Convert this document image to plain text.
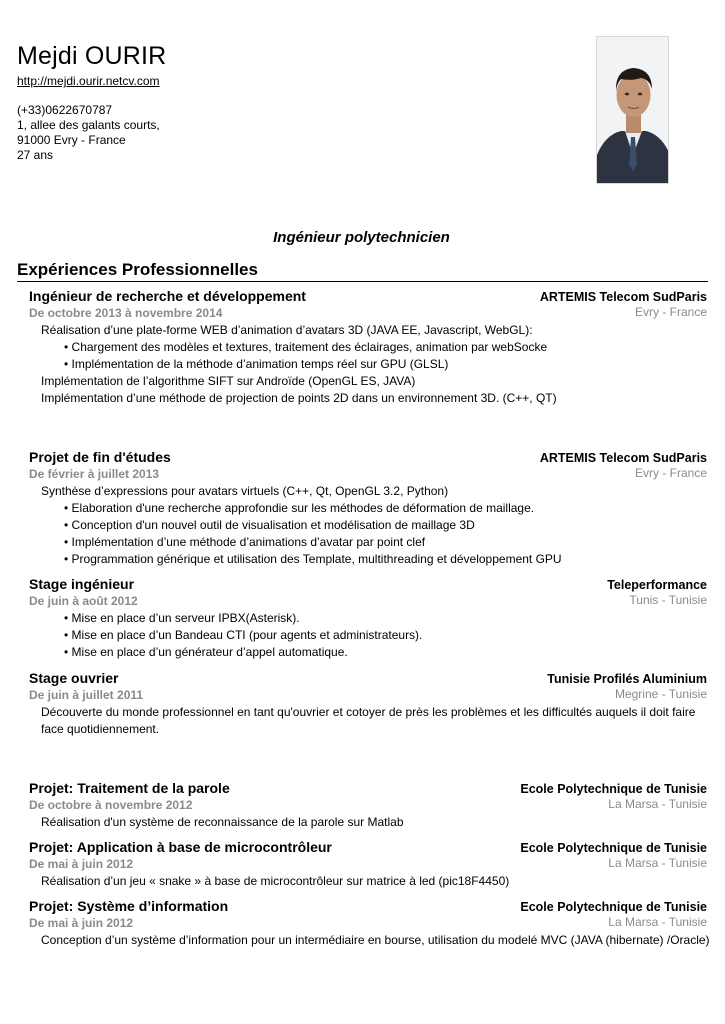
Mejdi OURIR
http://mejdi.ourir.netcv.com
(+33)0622670787
1, allee des galants courts,
91000 Evry - France
27 ans
Ingénieur polytechnicien
Expériences Professionnelles
Ingénieur de recherche et développement	ARTEMIS Telecom SudParis
Evry - France
De octobre 2013 à novembre 2014
Réalisation d’une plate-forme WEB d’animation d’avatars 3D (JAVA EE, Javascript, WebGL):
• Chargement des modèles et textures, traitement des éclairages, animation par webSocke
• Implémentation de la méthode d’animation temps réel sur GPU (GLSL)
Implémentation de l’algorithme SIFT sur Androïde (OpenGL ES, JAVA)
Implémentation d’une méthode de projection de points 2D dans un environnement 3D. (C++, QT)
Projet de fin d'études	ARTEMIS Telecom SudParis
Evry - France
De février à juillet 2013
Synthèse d’expressions pour avatars virtuels (C++, Qt, OpenGL 3.2, Python)
• Elaboration d'une recherche approfondie sur les méthodes de déformation de maillage.
• Conception d'un nouvel outil de visualisation et modélisation de maillage 3D
• Implémentation d’une méthode d’animations d’avatar par point clef
• Programmation générique et utilisation des Template, multithreading et développement GPU
Stage ingénieur	Teleperformance
Tunis - Tunisie
De juin à août 2012
• Mise en place d’un serveur IPBX(Asterisk).
• Mise en place d’un Bandeau CTI (pour agents et administrateurs).
• Mise en place d’un générateur d’appel automatique.
Stage ouvrier	Tunisie Profilés Aluminium
Megrine - Tunisie
De juin à juillet 2011
Découverte du monde professionnel en tant qu'ouvrier et cotoyer de près les problèmes et les difficultés auquels il doit faire face quotidiennement.
Projet: Traitement de la parole	Ecole Polytechnique de Tunisie
La Marsa - Tunisie
De octobre à novembre 2012
Réalisation d'un système de reconnaissance de la parole sur Matlab
Projet: Application à base de microcontrôleur	Ecole Polytechnique de Tunisie
La Marsa - Tunisie
De mai à juin 2012
Réalisation d’un jeu « snake » à base de microcontrôleur sur matrice à led (pic18F4450)
Projet: Système d’information	Ecole Polytechnique de Tunisie
La Marsa - Tunisie
De mai à juin 2012
Conception d’un système d’information pour un intermédiaire en bourse, utilisation du modelé MVC (JAVA (hibernate) /Oracle)
